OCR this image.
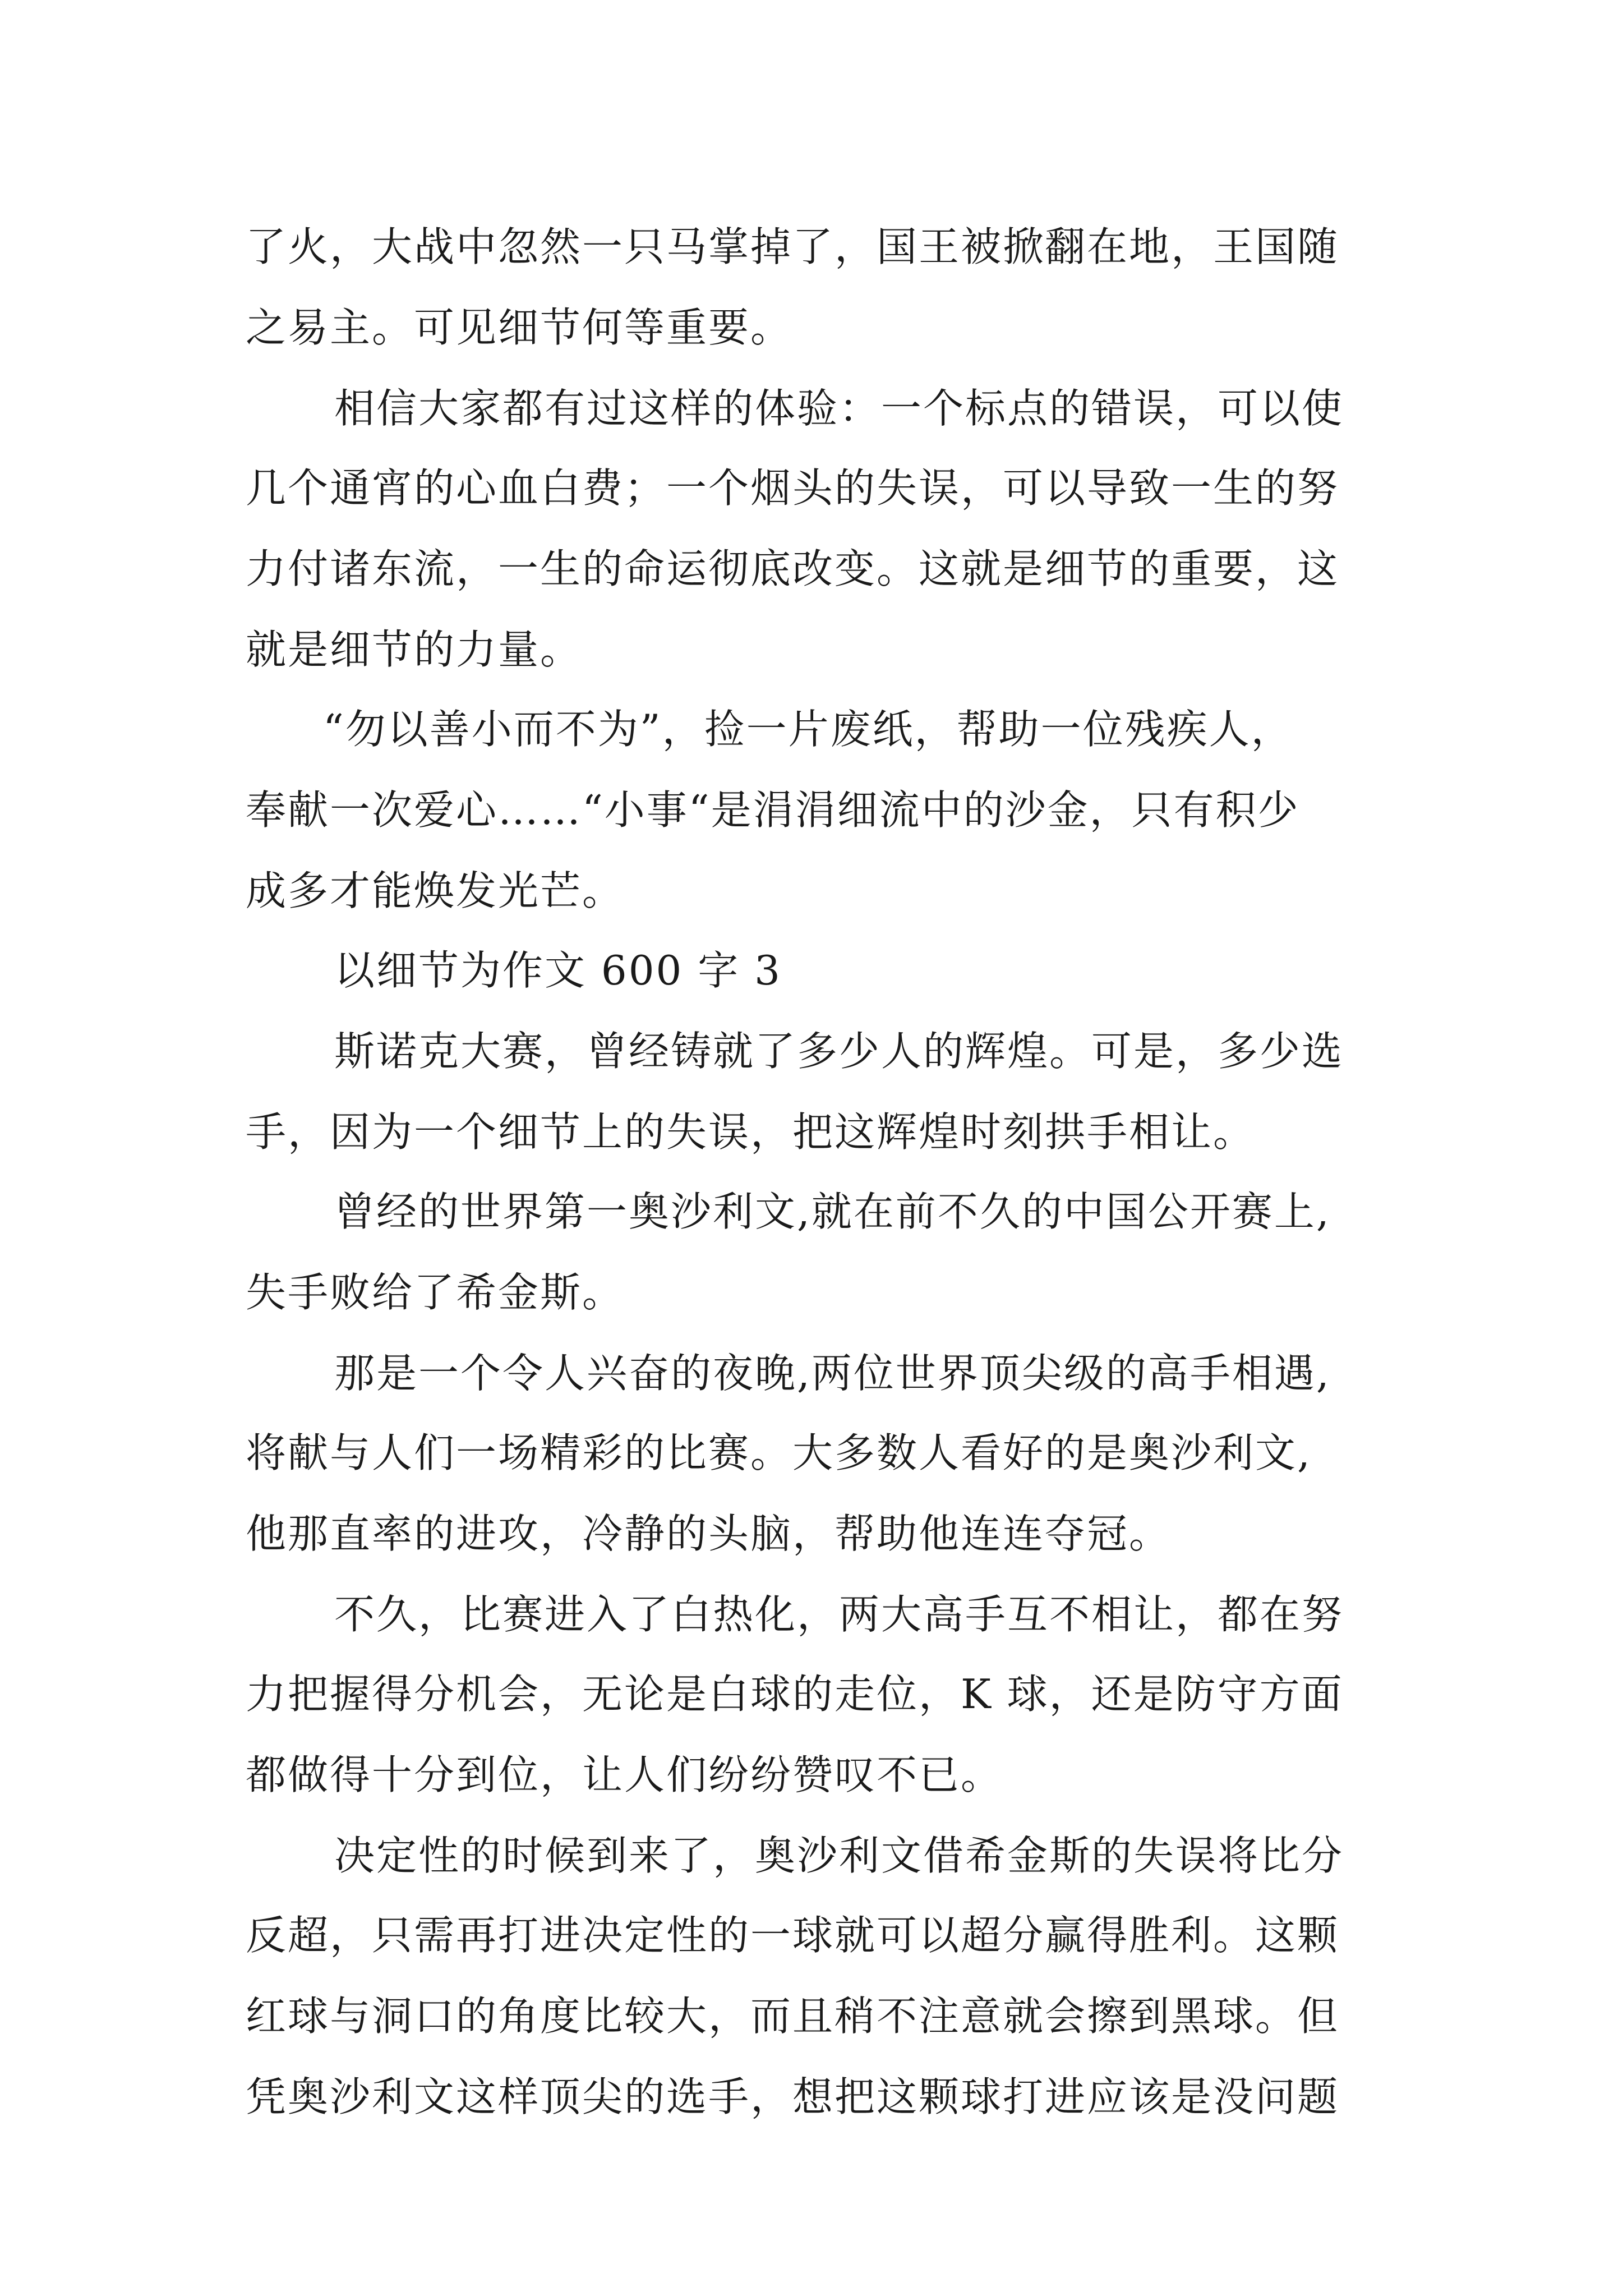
了火，大战中忽然一只马掌掉了，国王被掀翻在地，王国随
之易主。可见细节何等重要。
相信大家都有过这样的体验：一个标点的错误，可以使
几个通宵的心血白费；一个烟头的失误，可以导致一生的努
力付诸东流，一生的命运彻底改变。这就是细节的重要，这
就是细节的力量。
“勿以善小而不为”，捡一片废纸，帮助一位残疾人，
奉献一次爱心……“小事“是涓涓细流中的沙金，只有积少
成多才能焕发光芒。
以细节为作文 600 字 3
斯诺克大赛，曾经铸就了多少人的辉煌。可是，多少选
手，因为一个细节上的失误，把这辉煌时刻拱手相让。
曾经的世界第一奥沙利文,就在前不久的中国公开赛上,
失手败给了希金斯。
那是一个令人兴奋的夜晚,两位世界顶尖级的高手相遇,
将献与人们一场精彩的比赛。大多数人看好的是奥沙利文,
他那直率的进攻，冷静的头脑，帮助他连连夺冠。
不久，比赛进入了白热化，两大高手互不相让，都在努
力把握得分机会，无论是白球的走位，K 球，还是防守方面
都做得十分到位，让人们纷纷赞叹不已。
决定性的时候到来了，奥沙利文借希金斯的失误将比分
反超，只需再打进决定性的一球就可以超分赢得胜利。这颗
红球与洞口的角度比较大，而且稍不注意就会擦到黑球。但
凭奥沙利文这样顶尖的选手，想把这颗球打进应该是没问题
